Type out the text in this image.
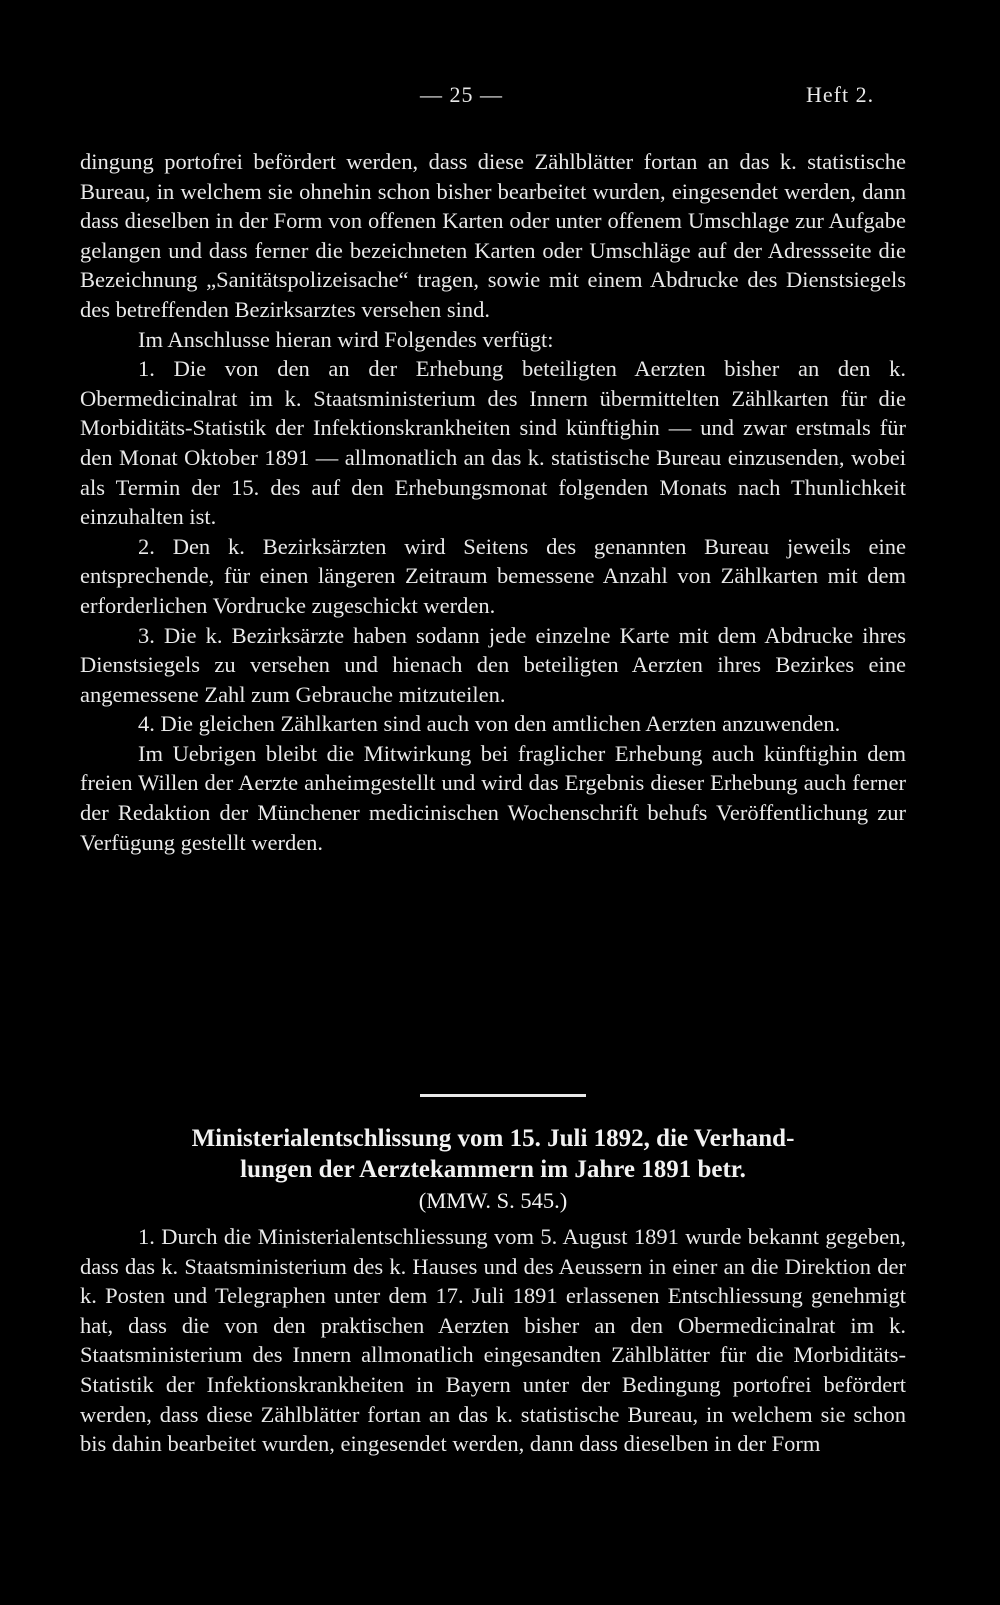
— 25 —	Heft 2.

dingung portofrei befördert werden, dass diese Zählblätter fortan an das k. statistische Bureau, in welchem sie ohnehin schon bisher bearbeitet wurden, eingesendet werden, dann dass dieselben in der Form von offenen Karten oder unter offenem Umschlage zur Aufgabe gelangen und dass ferner die bezeichneten Karten oder Umschläge auf der Adressseite die Bezeichnung „Sanitätspolizeisache“ tragen, sowie mit einem Abdrucke des Dienstsiegels des betreffenden Bezirksarztes versehen sind.

Im Anschlusse hieran wird Folgendes verfügt:

1. Die von den an der Erhebung beteiligten Aerzten bisher an den k. Obermedicinalrat im k. Staatsministerium des Innern übermittelten Zählkarten für die Morbiditäts-Statistik der Infektionskrankheiten sind künftighin — und zwar erstmals für den Monat Oktober 1891 — allmonatlich an das k. statistische Bureau einzusenden, wobei als Termin der 15. des auf den Erhebungsmonat folgenden Monats nach Thunlichkeit einzuhalten ist.

2. Den k. Bezirksärzten wird Seitens des genannten Bureau jeweils eine entsprechende, für einen längeren Zeitraum bemessene Anzahl von Zählkarten mit dem erforderlichen Vordrucke zugeschickt werden.

3. Die k. Bezirksärzte haben sodann jede einzelne Karte mit dem Abdrucke ihres Dienstsiegels zu versehen und hienach den beteiligten Aerzten ihres Bezirkes eine angemessene Zahl zum Gebrauche mitzuteilen.

4. Die gleichen Zählkarten sind auch von den amtlichen Aerzten anzuwenden.

Im Uebrigen bleibt die Mitwirkung bei fraglicher Erhebung auch künftighin dem freien Willen der Aerzte anheimgestellt und wird das Ergebnis dieser Erhebung auch ferner der Redaktion der Münchener medicinischen Wochenschrift behufs Veröffentlichung zur Verfügung gestellt werden.

Ministerialentschlissung vom 15. Juli 1892, die Verhand-
lungen der Aerztekammern im Jahre 1891 betr.
(MMW. S. 545.)

1. Durch die Ministerialentschliessung vom 5. August 1891 wurde bekannt gegeben, dass das k. Staatsministerium des k. Hauses und des Aeussern in einer an die Direktion der k. Posten und Telegraphen unter dem 17. Juli 1891 erlassenen Entschliessung genehmigt hat, dass die von den praktischen Aerzten bisher an den Obermedicinalrat im k. Staatsministerium des Innern allmonatlich eingesandten Zählblätter für die Morbiditäts-Statistik der Infektionskrankheiten in Bayern unter der Bedingung portofrei befördert werden, dass diese Zählblätter fortan an das k. statistische Bureau, in welchem sie schon bis dahin bearbeitet wurden, eingesendet werden, dann dass dieselben in der Form
